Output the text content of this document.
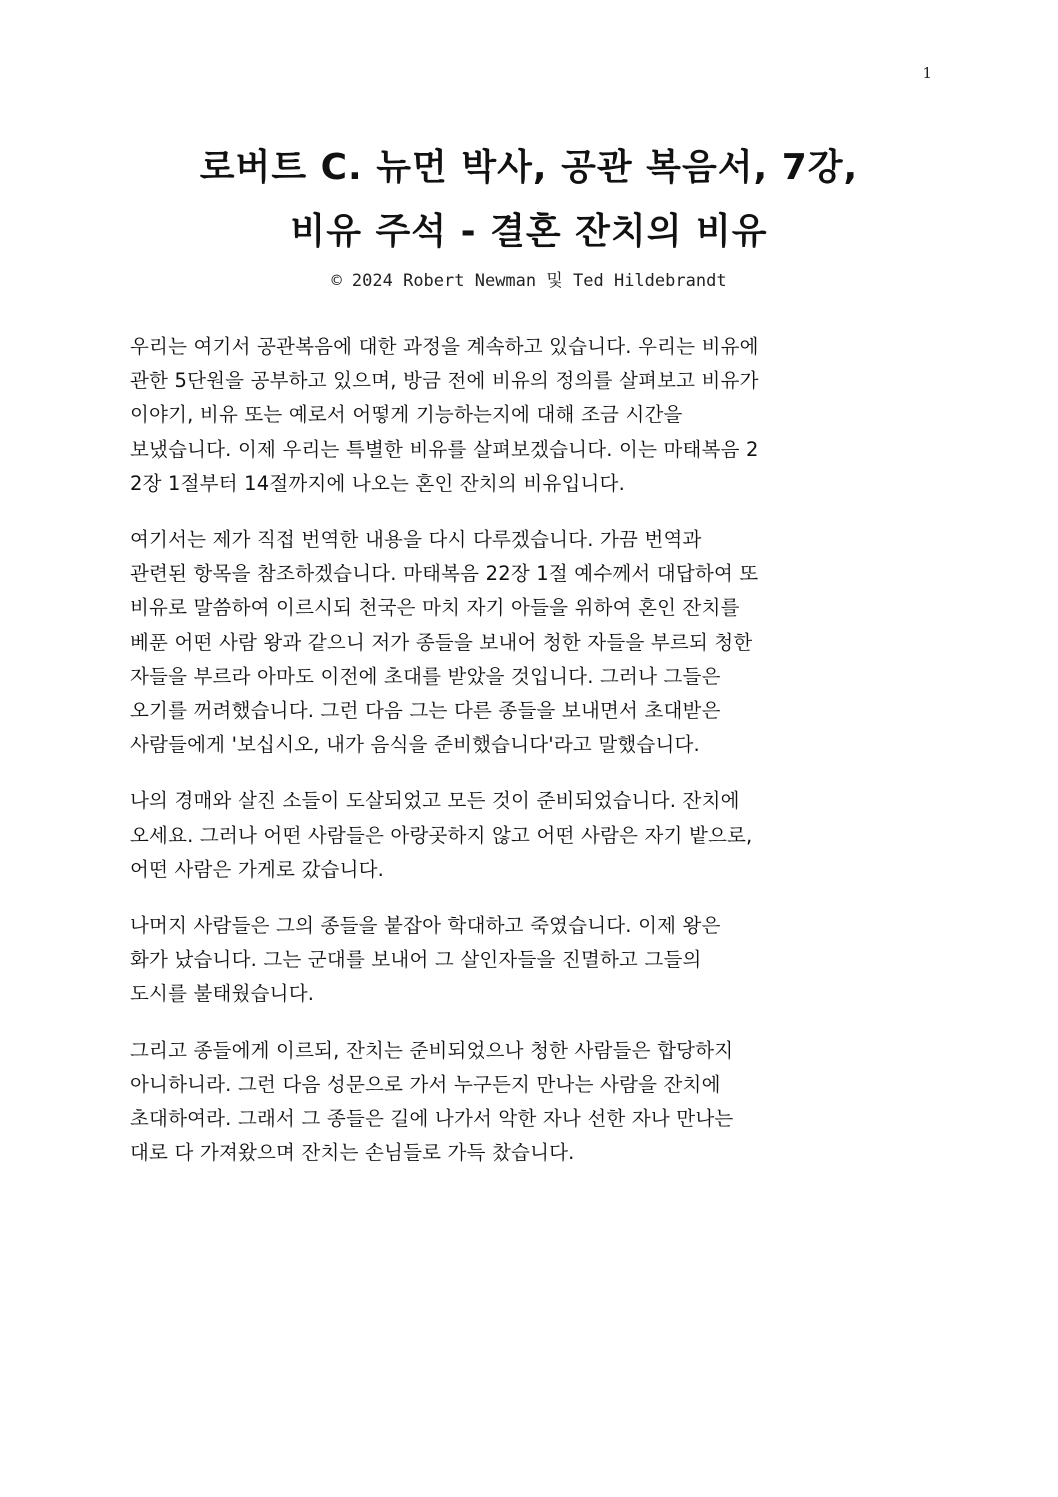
1
로버트 C. 뉴먼 박사, 공관 복음서, 7강,
비유 주석 - 결혼 잔치의 비유
© 2024 Robert Newman 및 Ted Hildebrandt

우리는 여기서 공관복음에 대한 과정을 계속하고 있습니다. 우리는 비유에
관한 5단원을 공부하고 있으며, 방금 전에 비유의 정의를 살펴보고 비유가
이야기, 비유 또는 예로서 어떻게 기능하는지에 대해 조금 시간을
보냈습니다. 이제 우리는 특별한 비유를 살펴보겠습니다. 이는 마태복음 2
2장 1절부터 14절까지에 나오는 혼인 잔치의 비유입니다.

여기서는 제가 직접 번역한 내용을 다시 다루겠습니다. 가끔 번역과
관련된 항목을 참조하겠습니다. 마태복음 22장 1절 예수께서 대답하여 또
비유로 말씀하여 이르시되 천국은 마치 자기 아들을 위하여 혼인 잔치를
베푼 어떤 사람 왕과 같으니 저가 종들을 보내어 청한 자들을 부르되 청한
자들을 부르라 아마도 이전에 초대를 받았을 것입니다. 그러나 그들은
오기를 꺼려했습니다. 그런 다음 그는 다른 종들을 보내면서 초대받은
사람들에게 '보십시오, 내가 음식을 준비했습니다'라고 말했습니다.

나의 경매와 살진 소들이 도살되었고 모든 것이 준비되었습니다. 잔치에
오세요. 그러나 어떤 사람들은 아랑곳하지 않고 어떤 사람은 자기 밭으로,
어떤 사람은 가게로 갔습니다.

나머지 사람들은 그의 종들을 붙잡아 학대하고 죽였습니다. 이제 왕은
화가 났습니다. 그는 군대를 보내어 그 살인자들을 진멸하고 그들의
도시를 불태웠습니다.

그리고 종들에게 이르되, 잔치는 준비되었으나 청한 사람들은 합당하지
아니하니라. 그런 다음 성문으로 가서 누구든지 만나는 사람을 잔치에
초대하여라. 그래서 그 종들은 길에 나가서 악한 자나 선한 자나 만나는
대로 다 가져왔으며 잔치는 손님들로 가득 찼습니다.
